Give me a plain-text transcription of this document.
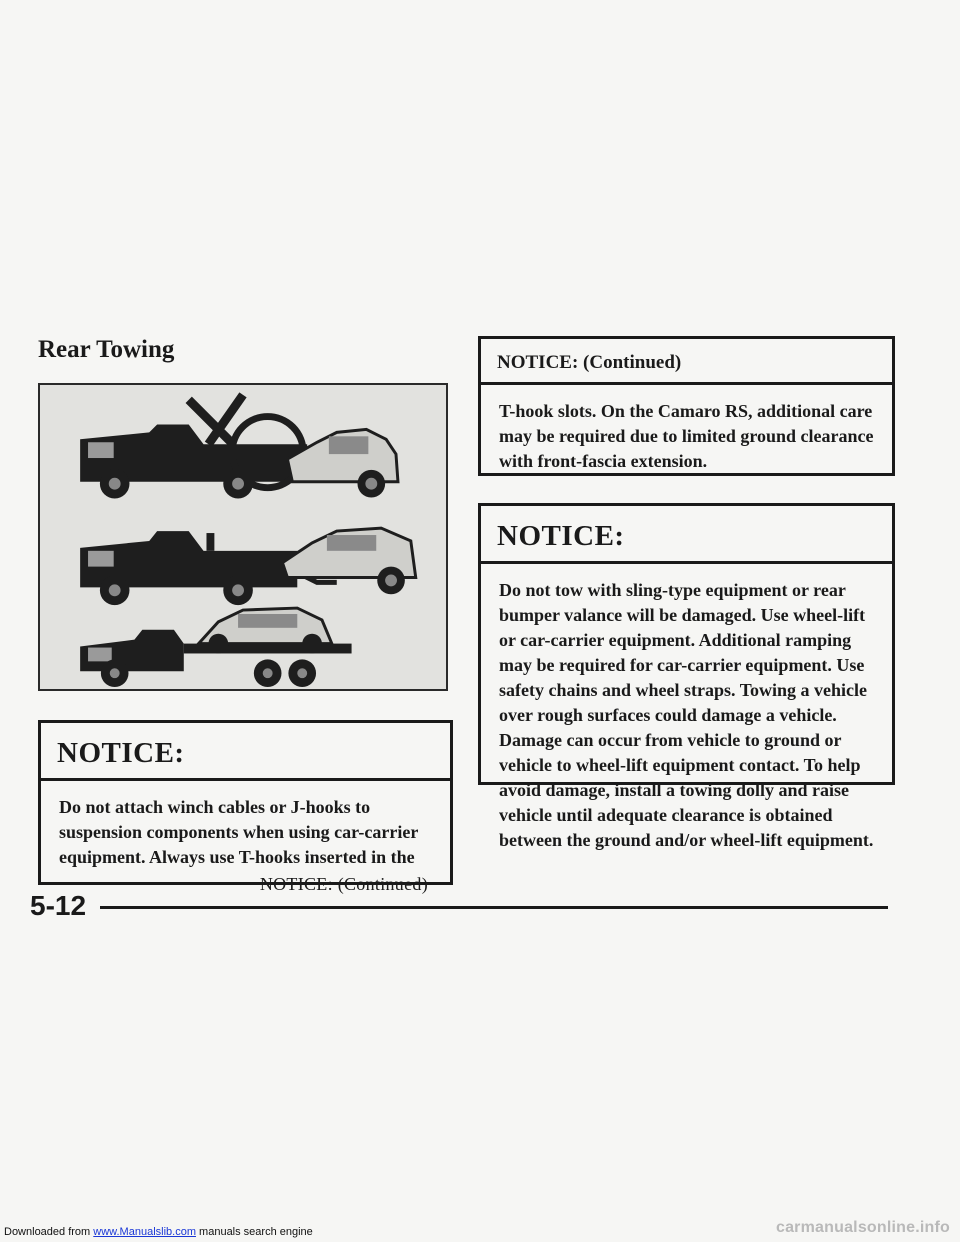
Rear Towing
NOTICE:
Do not attach winch cables or J-hooks to suspension components when using car-carrier equipment. Always use T-hooks inserted in the
NOTICE: (Continued)
NOTICE: (Continued)
T-hook slots. On the Camaro RS, additional care may be required due to limited ground clearance with front-fascia extension.
NOTICE:
Do not tow with sling-type equipment or rear bumper valance will be damaged. Use wheel-lift or car-carrier equipment. Additional ramping may be required for car-carrier equipment. Use safety chains and wheel straps. Towing a vehicle over rough surfaces could damage a vehicle. Damage can occur from vehicle to ground or vehicle to wheel-lift equipment contact. To help avoid damage, install a towing dolly and raise vehicle until adequate clearance is obtained between the ground and/or wheel-lift equipment.
5-12
Downloaded from www.Manualslib.com manuals search engine	carmanualsonline.info
